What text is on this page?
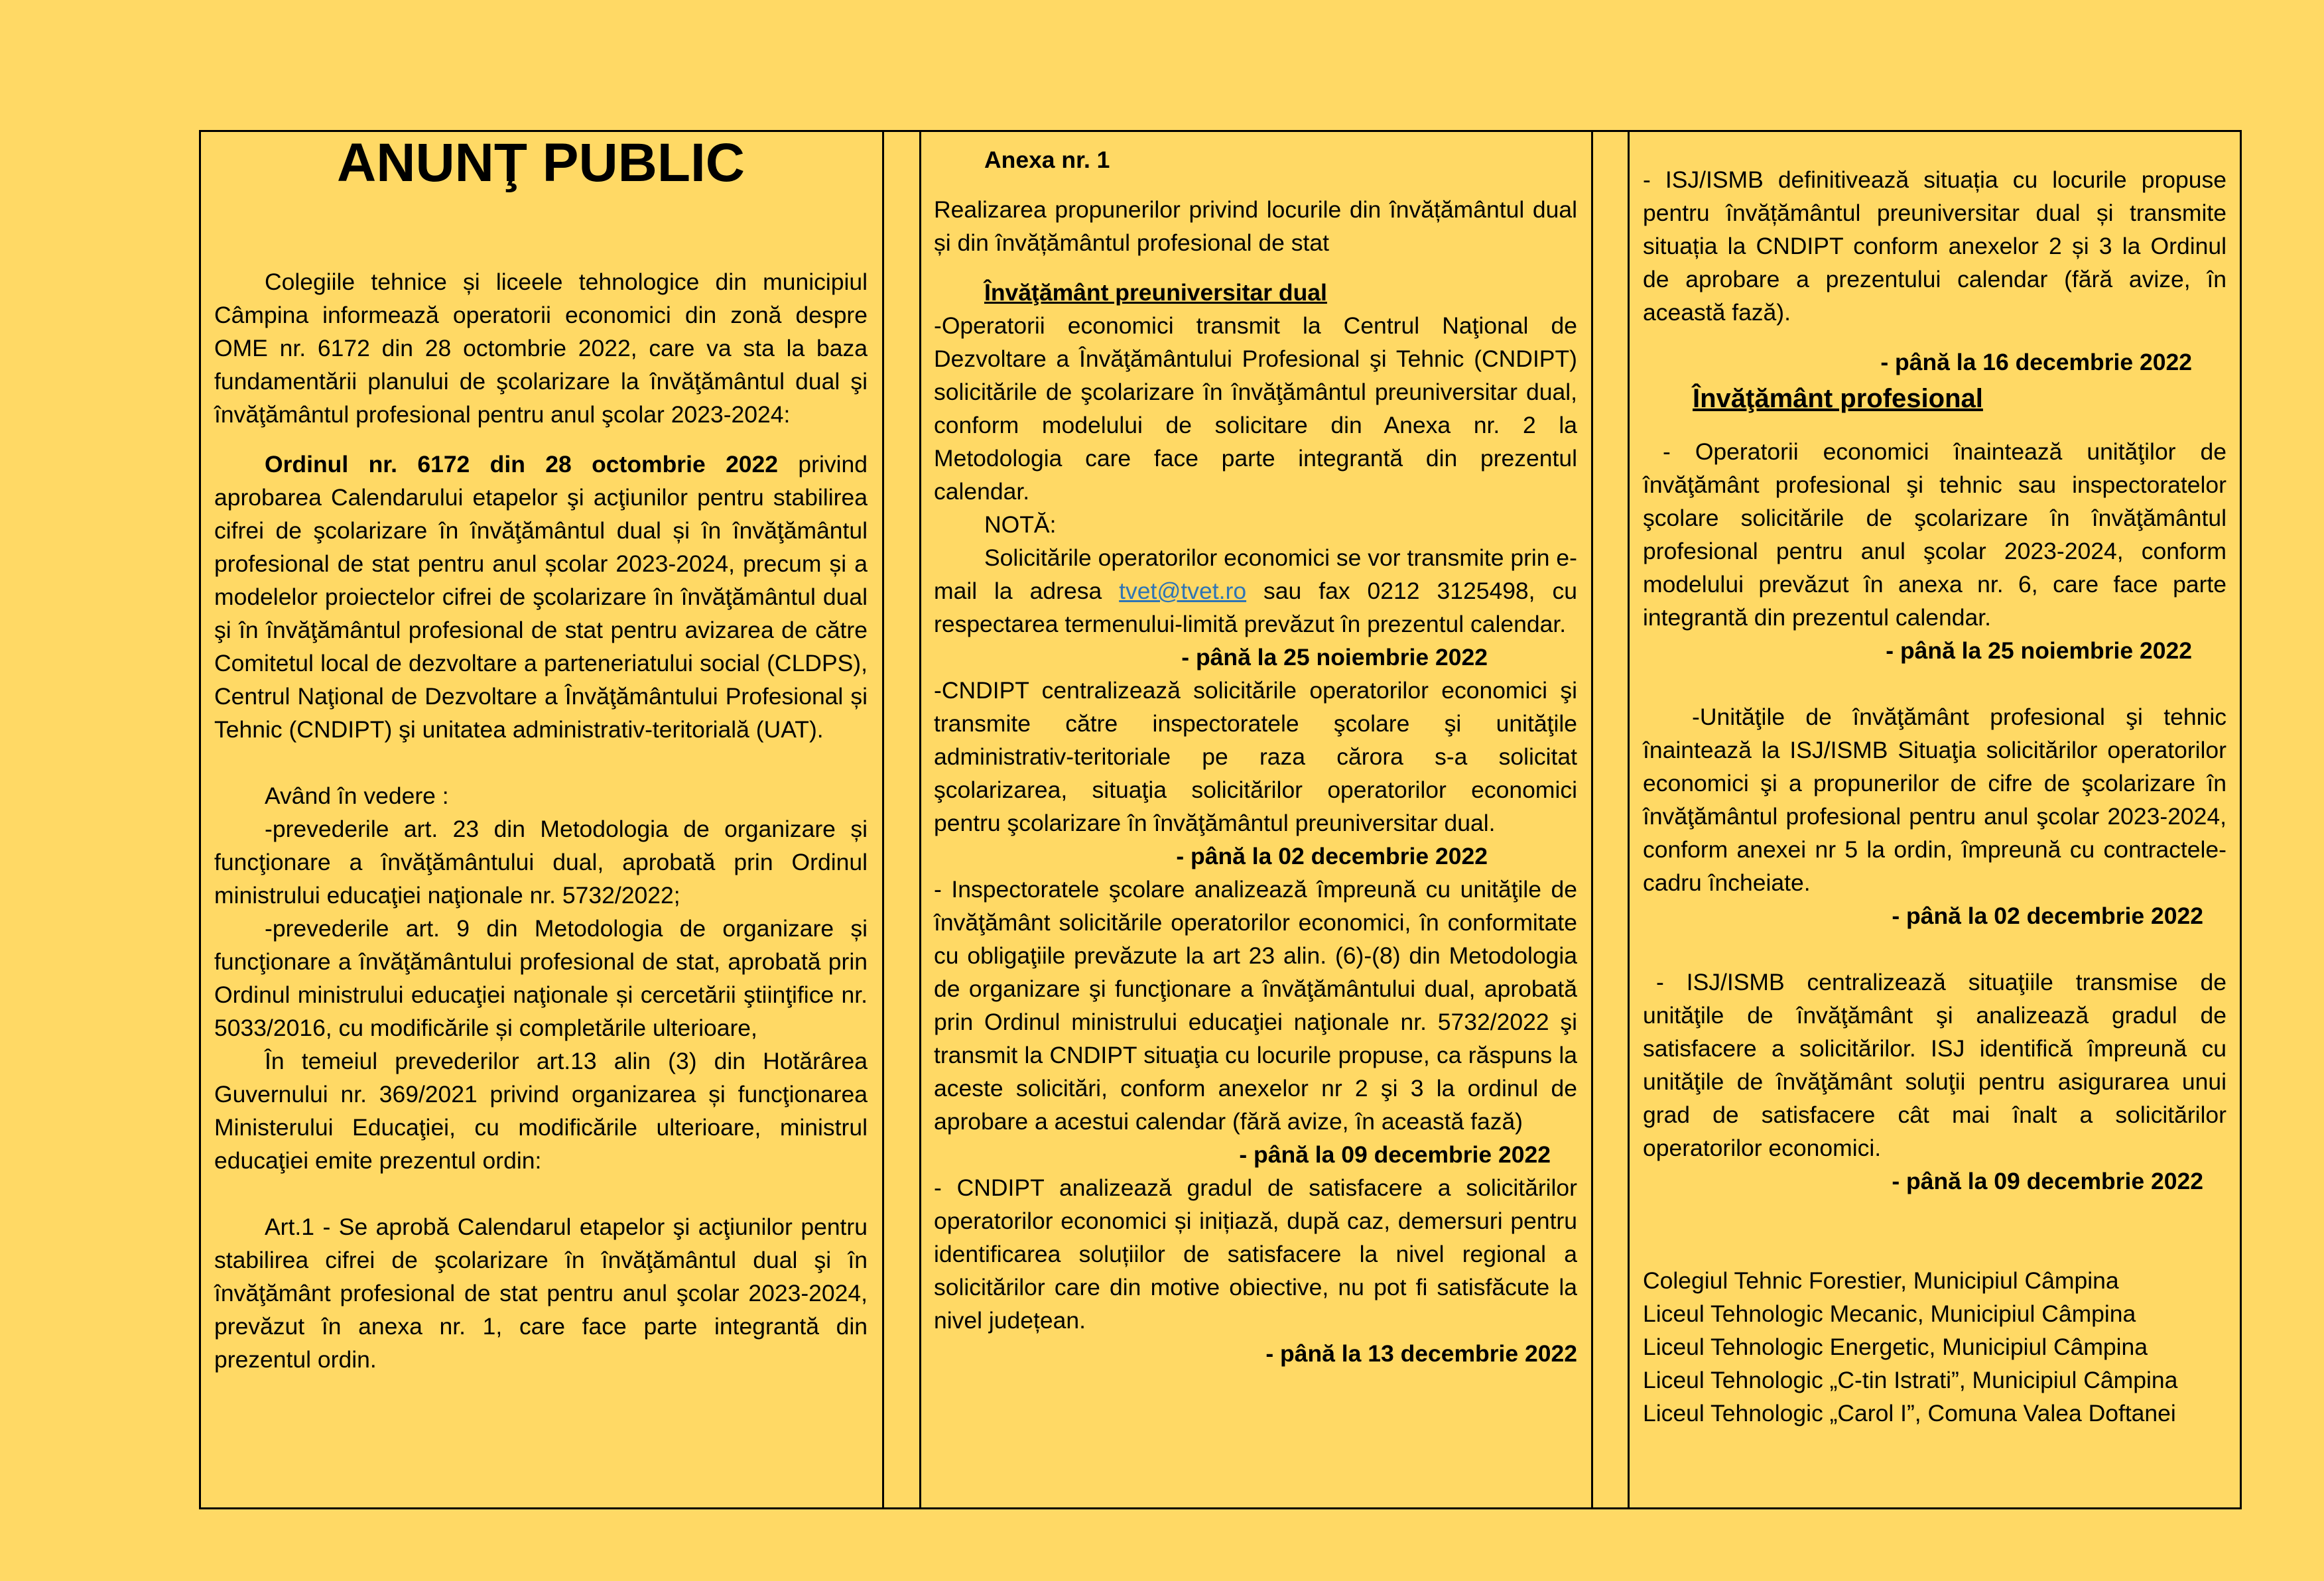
ANUNŢ PUBLIC

Colegiile tehnice și liceele tehnologice din municipiul Câmpina informează operatorii economici din zonă despre OME nr. 6172 din 28 octombrie 2022, care va sta la baza fundamentării planului de şcolarizare la învăţământul dual şi învăţământul profesional pentru anul şcolar 2023-2024:

Ordinul nr. 6172 din 28 octombrie 2022 privind aprobarea Calendarului etapelor şi acţiunilor pentru stabilirea cifrei de şcolarizare în învăţământul dual și în învăţământul profesional de stat pentru anul școlar 2023-2024, precum și a modelelor proiectelor cifrei de şcolarizare în învăţământul dual şi în învăţământul profesional de stat pentru avizarea de către Comitetul local de dezvoltare a parteneriatului social (CLDPS), Centrul Naţional de Dezvoltare a Învăţământului Profesional și Tehnic (CNDIPT) şi unitatea administrativ-teritorială (UAT).

Având în vedere :

-prevederile art. 23 din Metodologia de organizare și funcţionare a învăţământului dual, aprobată prin Ordinul ministrului educaţiei naţionale nr. 5732/2022;

-prevederile art. 9 din Metodologia de organizare și funcţionare a învăţământului profesional de stat, aprobată prin Ordinul ministrului educaţiei naţionale și cercetării ştiinţifice nr. 5033/2016, cu modificările și completările ulterioare,

În temeiul prevederilor art.13 alin (3) din Hotărârea Guvernului nr. 369/2021 privind organizarea și funcţionarea Ministerului Educaţiei, cu modificările ulterioare, ministrul educaţiei emite prezentul ordin:

Art.1 - Se aprobă Calendarul etapelor şi acţiunilor pentru stabilirea cifrei de şcolarizare în învăţământul dual şi în învăţământ profesional de stat pentru anul şcolar 2023-2024, prevăzut în anexa nr. 1, care face parte integrantă din prezentul ordin.

Anexa nr. 1

Realizarea propunerilor privind locurile din învățământul dual și din învățământul profesional de stat

Învăţământ preuniversitar dual

-Operatorii economici transmit la Centrul Naţional de Dezvoltare a Învăţământului Profesional şi Tehnic (CNDIPT) solicitările de şcolarizare în învăţământul preuniversitar dual, conform modelului de solicitare din Anexa nr. 2 la Metodologia care face parte integrantă din prezentul calendar.

NOTĂ:

Solicitările operatorilor economici se vor transmite prin e-mail la adresa tvet@tvet.ro sau fax 0212 3125498, cu respectarea termenului-limită prevăzut în prezentul calendar.

- până la 25 noiembrie 2022

-CNDIPT centralizează solicitările operatorilor economici şi transmite către inspectoratele şcolare şi unităţile administrativ-teritoriale pe raza cărora s-a solicitat şcolarizarea, situaţia solicitărilor operatorilor economici pentru şcolarizare în învăţământul preuniversitar dual.

- până la 02 decembrie 2022

- Inspectoratele şcolare analizează împreună cu unităţile de învăţământ solicitările operatorilor economici, în conformitate cu obligaţiile prevăzute la art 23 alin. (6)-(8) din Metodologia de organizare şi funcţionare a învăţământului dual, aprobată prin Ordinul ministrului educaţiei naţionale nr. 5732/2022 şi transmit la CNDIPT situaţia cu locurile propuse, ca răspuns la aceste solicitări, conform anexelor nr 2 şi 3 la ordinul de aprobare a acestui calendar (fără avize, în această fază)

- până la 09 decembrie 2022

- CNDIPT analizează gradul de satisfacere a solicitărilor operatorilor economici și inițiază, după caz, demersuri pentru identificarea soluțiilor de satisfacere la nivel regional a solicitărilor care din motive obiective, nu pot fi satisfăcute la nivel județean.

- până la 13 decembrie 2022

- ISJ/ISMB definitivează situația cu locurile propuse pentru învățământul preuniversitar dual și transmite situația la CNDIPT conform anexelor 2 și 3 la Ordinul de aprobare a prezentului calendar (fără avize, în această fază).

- până la 16 decembrie 2022

Învăţământ profesional

- Operatorii economici înaintează unităţilor de învăţământ profesional şi tehnic sau inspectoratelor şcolare solicitările de şcolarizare în învăţământul profesional pentru anul şcolar 2023-2024, conform modelului prevăzut în anexa nr. 6, care face parte integrantă din prezentul calendar.

- până la 25 noiembrie 2022

-Unităţile de învăţământ profesional şi tehnic înaintează la ISJ/ISMB Situaţia solicitărilor operatorilor economici şi a propunerilor de cifre de şcolarizare în învăţământul profesional pentru anul şcolar 2023-2024, conform anexei nr 5 la ordin, împreună cu contractele-cadru încheiate.

- până la 02 decembrie 2022

- ISJ/ISMB centralizează situaţiile transmise de unităţile de învăţământ şi analizează gradul de satisfacere a solicitărilor. ISJ identifică împreună cu unităţile de învăţământ soluţii pentru asigurarea unui grad de satisfacere cât mai înalt a solicitărilor operatorilor economici.

- până la 09 decembrie 2022

Colegiul Tehnic Forestier, Municipiul Câmpina

Liceul Tehnologic Mecanic, Municipiul Câmpina

Liceul Tehnologic Energetic, Municipiul Câmpina

Liceul Tehnologic „C-tin Istrati”, Municipiul Câmpina

Liceul Tehnologic „Carol I”, Comuna Valea Doftanei
